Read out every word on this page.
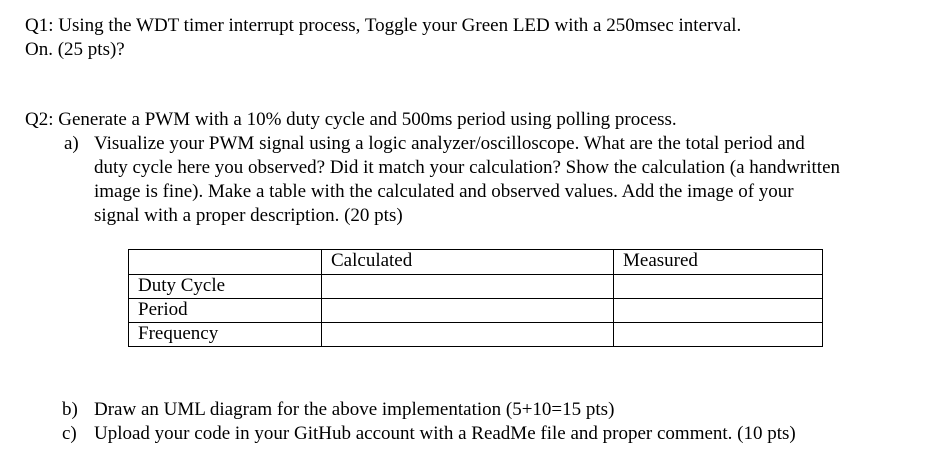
Q1: Using the WDT timer interrupt process, Toggle your Green LED with a 250msec interval.
On. (25 pts)?
Q2: Generate a PWM with a 10% duty cycle and 500ms period using polling process.
a) Visualize your PWM signal using a logic analyzer/oscilloscope. What are the total period and
duty cycle here you observed? Did it match your calculation? Show the calculation (a handwritten
image is fine). Make a table with the calculated and observed values. Add the image of your
signal with a proper description. (20 pts)
	Calculated	Measured
Duty Cycle		
Period		
Frequency		
b) Draw an UML diagram for the above implementation (5+10=15 pts)
c) Upload your code in your GitHub account with a ReadMe file and proper comment. (10 pts)
